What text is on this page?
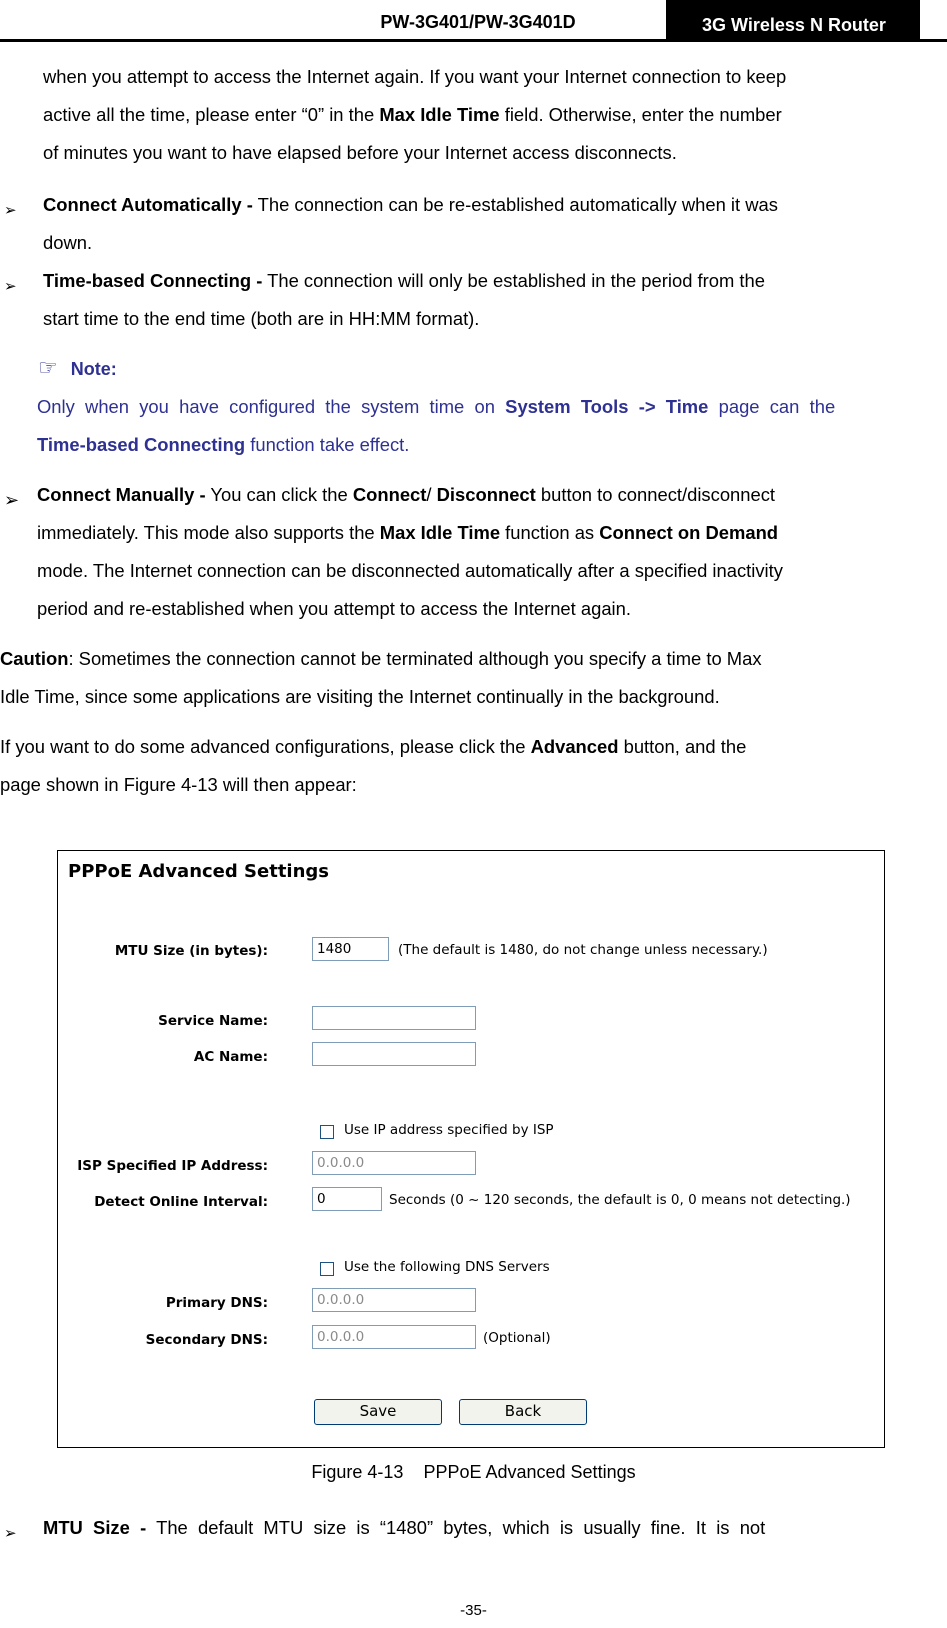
PW-3G401/PW-3G401D	3G Wireless N Router
when you attempt to access the Internet again. If you want your Internet connection to keep
active all the time, please enter “0” in the Max Idle Time field. Otherwise, enter the number
of minutes you want to have elapsed before your Internet access disconnects.
➢ Connect Automatically - The connection can be re-established automatically when it was
down.
➢ Time-based Connecting - The connection will only be established in the period from the
start time to the end time (both are in HH:MM format).
☞ Note:
Only  when  you  have  configured  the  system  time  on  System  Tools  ->  Time  page  can  the
Time-based Connecting function take effect.
➢ Connect Manually - You can click the Connect/ Disconnect button to connect/disconnect
immediately. This mode also supports the Max Idle Time function as Connect on Demand
mode. The Internet connection can be disconnected automatically after a specified inactivity
period and re-established when you attempt to access the Internet again.
Caution: Sometimes the connection cannot be terminated although you specify a time to Max
Idle Time, since some applications are visiting the Internet continually in the background.
If you want to do some advanced configurations, please click the Advanced button, and the
page shown in Figure 4-13 will then appear:
PPPoE Advanced Settings
MTU Size (in bytes):	1480	(The default is 1480, do not change unless necessary.)
Service Name:
AC Name:
Use IP address specified by ISP
ISP Specified IP Address:	0.0.0.0
Detect Online Interval:	0	Seconds (0 ~ 120 seconds, the default is 0, 0 means not detecting.)
Use the following DNS Servers
Primary DNS:	0.0.0.0
Secondary DNS:	0.0.0.0	(Optional)
Save	Back
Figure 4-13    PPPoE Advanced Settings
➢ MTU  Size  -  The  default  MTU  size  is  “1480”  bytes,  which  is  usually  fine.  It  is  not
-35-
